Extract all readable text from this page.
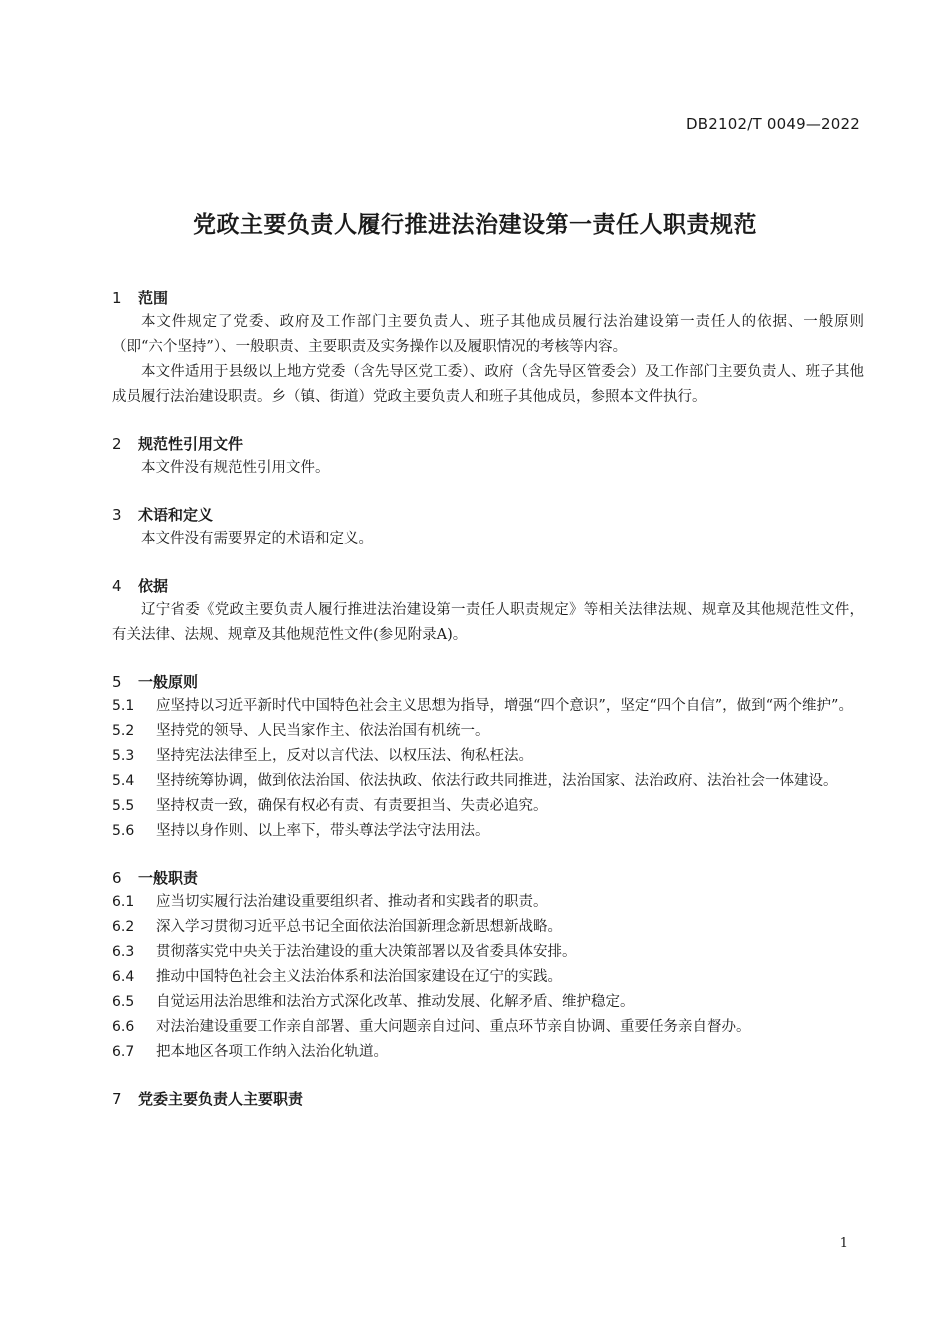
DB2102/T 0049—2022
党政主要负责人履行推进法治建设第一责任人职责规范
1 范围

本文件规定了党委、政府及工作部门主要负责人、班子其他成员履行法治建设第一责任人的依据、一般原则（即“六个坚持”）、一般职责、主要职责及实务操作以及履职情况的考核等内容。

本文件适用于县级以上地方党委（含先导区党工委）、政府（含先导区管委会）及工作部门主要负责人、班子其他成员履行法治建设职责。乡（镇、街道）党政主要负责人和班子其他成员，参照本文件执行。

2 规范性引用文件

本文件没有规范性引用文件。

3 术语和定义

本文件没有需要界定的术语和定义。

4 依据

辽宁省委《党政主要负责人履行推进法治建设第一责任人职责规定》等相关法律法规、规章及其他规范性文件，有关法律、法规、规章及其他规范性文件(参见附录A)。

5 一般原则
5.1 应坚持以习近平新时代中国特色社会主义思想为指导，增强“四个意识”，坚定“四个自信”，做到“两个维护”。
5.2	坚持党的领导、人民当家作主、依法治国有机统一。
5.3	坚持宪法法律至上，反对以言代法、以权压法、徇私枉法。
5.4 坚持统筹协调，做到依法治国、依法执政、依法行政共同推进，法治国家、法治政府、法治社会一体建设。
5.5	坚持权责一致，确保有权必有责、有责要担当、失责必追究。
5.6	坚持以身作则、以上率下，带头尊法学法守法用法。
6 一般职责
6.1	应当切实履行法治建设重要组织者、推动者和实践者的职责。
6.2	深入学习贯彻习近平总书记全面依法治国新理念新思想新战略。
6.3	贯彻落实党中央关于法治建设的重大决策部署以及省委具体安排。
6.4	推动中国特色社会主义法治体系和法治国家建设在辽宁的实践。
6.5	自觉运用法治思维和法治方式深化改革、推动发展、化解矛盾、维护稳定。
6.6	对法治建设重要工作亲自部署、重大问题亲自过问、重点环节亲自协调、重要任务亲自督办。
6.7	把本地区各项工作纳入法治化轨道。
7 党委主要负责人主要职责
1
